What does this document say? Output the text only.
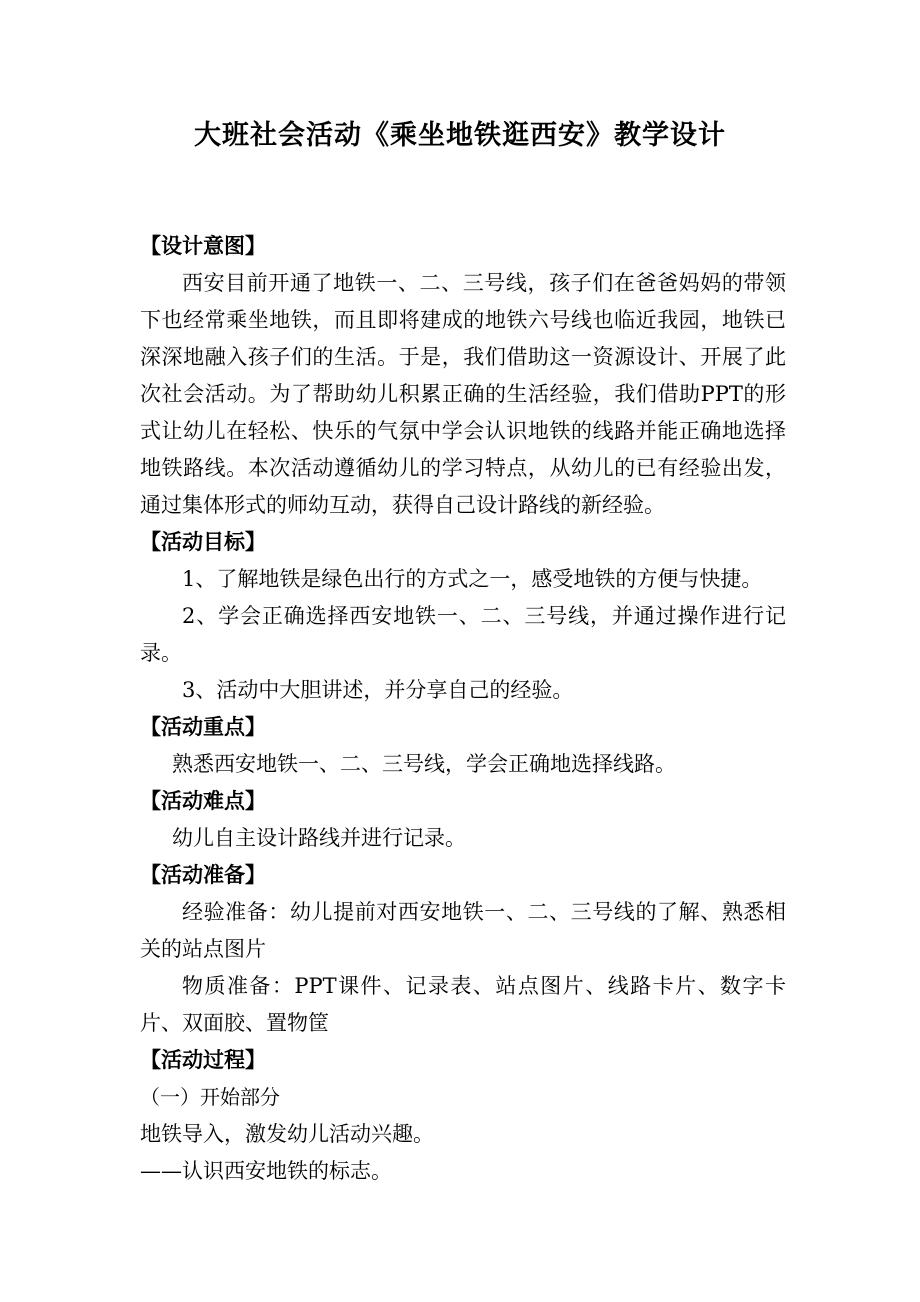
大班社会活动《乘坐地铁逛西安》教学设计
【设计意图】
西安目前开通了地铁一、二、三号线，孩子们在爸爸妈妈的带领下也经常乘坐地铁，而且即将建成的地铁六号线也临近我园，地铁已深深地融入孩子们的生活。于是，我们借助这一资源设计、开展了此次社会活动。为了帮助幼儿积累正确的生活经验，我们借助PPT的形式让幼儿在轻松、快乐的气氛中学会认识地铁的线路并能正确地选择地铁路线。本次活动遵循幼儿的学习特点，从幼儿的已有经验出发，通过集体形式的师幼互动，获得自己设计路线的新经验。
【活动目标】
1、了解地铁是绿色出行的方式之一，感受地铁的方便与快捷。
2、学会正确选择西安地铁一、二、三号线，并通过操作进行记录。
3、活动中大胆讲述，并分享自己的经验。
【活动重点】
熟悉西安地铁一、二、三号线，学会正确地选择线路。
【活动难点】
幼儿自主设计路线并进行记录。
【活动准备】
经验准备：幼儿提前对西安地铁一、二、三号线的了解、熟悉相关的站点图片
物质准备：PPT课件、记录表、站点图片、线路卡片、数字卡片、双面胶、置物筐
【活动过程】
（一）开始部分
地铁导入，激发幼儿活动兴趣。
——认识西安地铁的标志。
